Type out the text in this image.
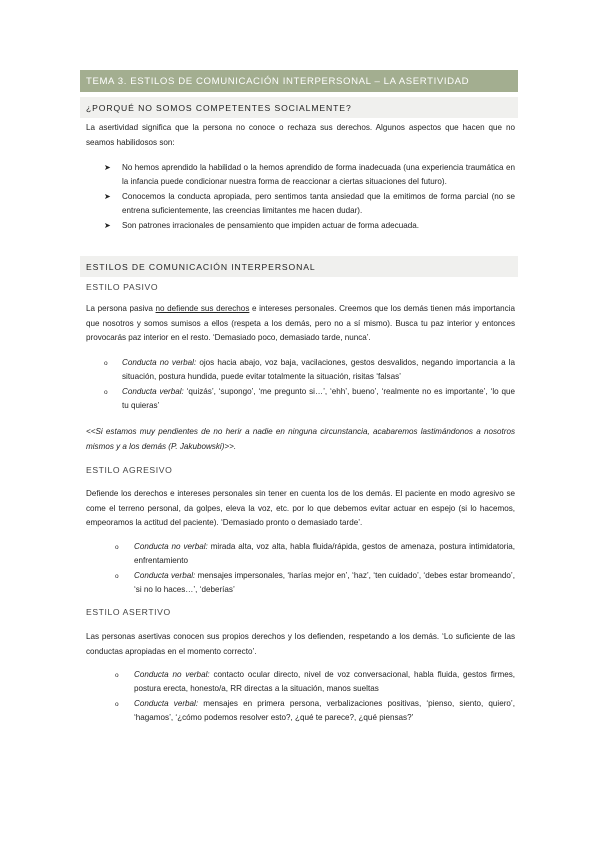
TEMA 3. ESTILOS DE COMUNICACIÓN INTERPERSONAL – LA ASERTIVIDAD
¿PORQUÉ NO SOMOS COMPETENTES SOCIALMENTE?

La asertividad significa que la persona no conoce o rechaza sus derechos. Algunos aspectos que hacen que no seamos habilidosos son:

➤ No hemos aprendido la habilidad o la hemos aprendido de forma inadecuada (una experiencia traumática en la infancia puede condicionar nuestra forma de reaccionar a ciertas situaciones del futuro).
➤ Conocemos la conducta apropiada, pero sentimos tanta ansiedad que la emitimos de forma parcial (no se entrena suficientemente, las creencias limitantes me hacen dudar).
➤ Son patrones irracionales de pensamiento que impiden actuar de forma adecuada.
ESTILOS DE COMUNICACIÓN INTERPERSONAL
ESTILO PASIVO

La persona pasiva no defiende sus derechos e intereses personales. Creemos que los demás tienen más importancia que nosotros y somos sumisos a ellos (respeta a los demás, pero no a sí mismo). Busca tu paz interior y entonces provocarás paz interior en el resto. ‘Demasiado poco, demasiado tarde, nunca’.

o Conducta no verbal: ojos hacia abajo, voz baja, vacilaciones, gestos desvalidos, negando importancia a la situación, postura hundida, puede evitar totalmente la situación, risitas ‘falsas’
o Conducta verbal: ‘quizás’, ‘supongo’, ‘me pregunto si…’, ‘ehh’, bueno’, ‘realmente no es importante’, ‘lo que tu quieras’

<<Si estamos muy pendientes de no herir a nadie en ninguna circunstancia, acabaremos lastimándonos a nosotros mismos y a los demás (P. Jakubowski)>>.

ESTILO AGRESIVO

Defiende los derechos e intereses personales sin tener en cuenta los de los demás. El paciente en modo agresivo se come el terreno personal, da golpes, eleva la voz, etc. por lo que debemos evitar actuar en espejo (si lo hacemos, empeoramos la actitud del paciente). ‘Demasiado pronto o demasiado tarde’.

o Conducta no verbal: mirada alta, voz alta, habla fluida/rápida, gestos de amenaza, postura intimidatoria, enfrentamiento
o Conducta verbal: mensajes impersonales, ‘harías mejor en’, ‘haz’, ‘ten cuidado’, ‘debes estar bromeando’, ‘si no lo haces…’, ‘deberías’
ESTILO ASERTIVO

Las personas asertivas conocen sus propios derechos y los defienden, respetando a los demás. ‘Lo suficiente de las conductas apropiadas en el momento correcto’.

o Conducta no verbal: contacto ocular directo, nivel de voz conversacional, habla fluida, gestos firmes, postura erecta, honesto/a, RR directas a la situación, manos sueltas
o Conducta verbal: mensajes en primera persona, verbalizaciones positivas, ‘pienso, siento, quiero’, ‘hagamos’, ‘¿cómo podemos resolver esto?, ¿qué te parece?, ¿qué piensas?’
